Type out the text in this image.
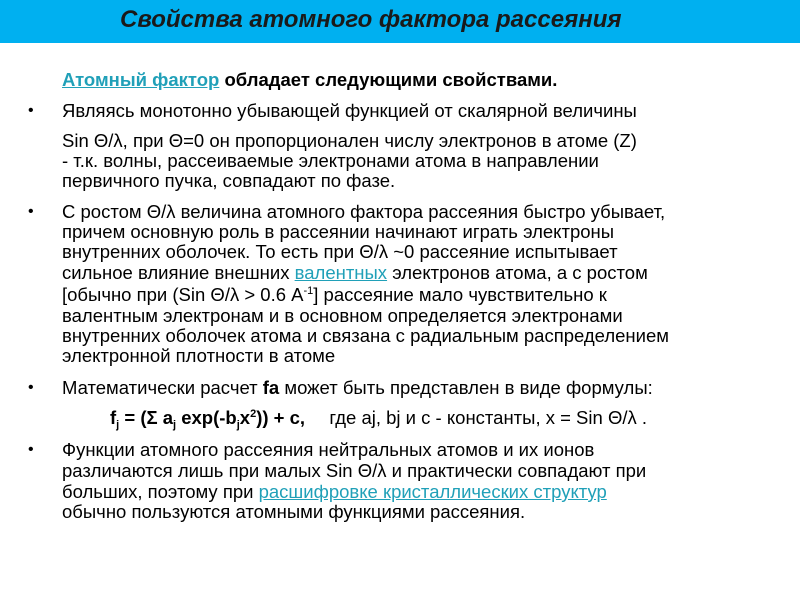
Свойства атомного фактора рассеяния
Атомный фактор обладает следующими свойствами.
• Являясь монотонно убывающей функцией от скалярной величины
Sin Θ/λ, при Θ=0 он пропорционален числу электронов в атоме (Z)
- т.к. волны, рассеиваемые электронами атома в направлении
первичного пучка, совпадают по фазе.
• С ростом Θ/λ величина атомного фактора рассеяния быстро убывает,
причем основную роль в рассеянии начинают играть электроны
внутренних оболочек. То есть при Θ/λ ~0 рассеяние испытывает
сильное влияние внешних валентных электронов атома, а с ростом
[обычно при (Sin Θ/λ > 0.6 $А^{-1}$] рассеяние мало чувствительно к
валентным электронам и в основном определяется электронами
внутренних оболочек атома и связана с радиальным распределением
электронной плотности в атоме
• Математически расчет fa может быть представлен в виде формулы:
$f_j = (\Sigma$ $a_j$ $\exp(-b_jx^2)) + c$, где aj, bj и c - константы, x = Sin Θ/λ .
• Функции атомного рассеяния нейтральных атомов и их ионов
различаются лишь при малых Sin Θ/λ и практически совпадают при
больших, поэтому при расшифровке кристаллических структур
обычно пользуются атомными функциями рассеяния.
